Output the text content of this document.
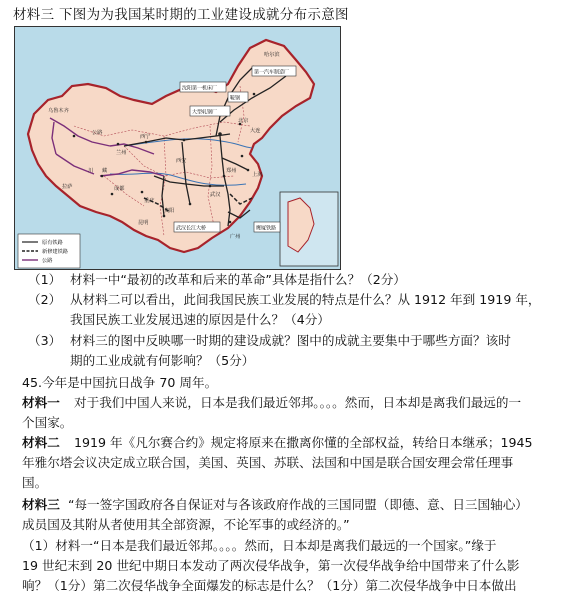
材料三 下图为为我国某时期的工业建设成就分布示意图
第一汽车制造厂
沈阳第一机床厂
鞍钢
大型轧钢厂
武汉长江大桥	鹰厦铁路
北京
大连
西宁
兰州
西安
郑州
武汉
上海
广州
重庆
成都
拉萨
昆明
贵阳
哈尔滨
乌鲁木齐
公路
川 藏
原有铁路
新修建铁路
公路
（1） 材料一中“最初的改革和后来的革命”具体是指什么？（2分）
（2） 从材料二可以看出，此间我国民族工业发展的特点是什么？从 1912 年到 1919 年，
我国民族工业发展迅速的原因是什么？（4分）
（3） 材料三的图中反映哪一时期的建设成就？图中的成就主要集中于哪些方面？该时
期的工业成就有何影响？（5分）
45.今年是中国抗日战争 70 周年。
材料一 对于我们中国人来说，日本是我们最近邻邦。。。。然而，日本却是离我们最远的一
个国家。
材料二 1919 年《凡尔赛合约》规定将原来在撒离你懂的全部权益，转给日本继承；1945
年雅尔塔会议决定成立联合国，美国、英国、苏联、法国和中国是联合国安理会常任理事
国。
材料三 “每一签字国政府各自保证对与各该政府作战的三国同盟（即德、意、日三国轴心）
成员国及其附从者使用其全部资源，不论军事的或经济的。”
（1）材料一“日本是我们最近邻邦。。。。然而，日本却是离我们最远的一个国家。”缘于
19 世纪末到 20 世纪中期日本发动了两次侵华战争，第一次侵华战争给中国带来了什么影
响？（1分）第二次侵华战争全面爆发的标志是什么？（1分）第二次侵华战争中日本做出
